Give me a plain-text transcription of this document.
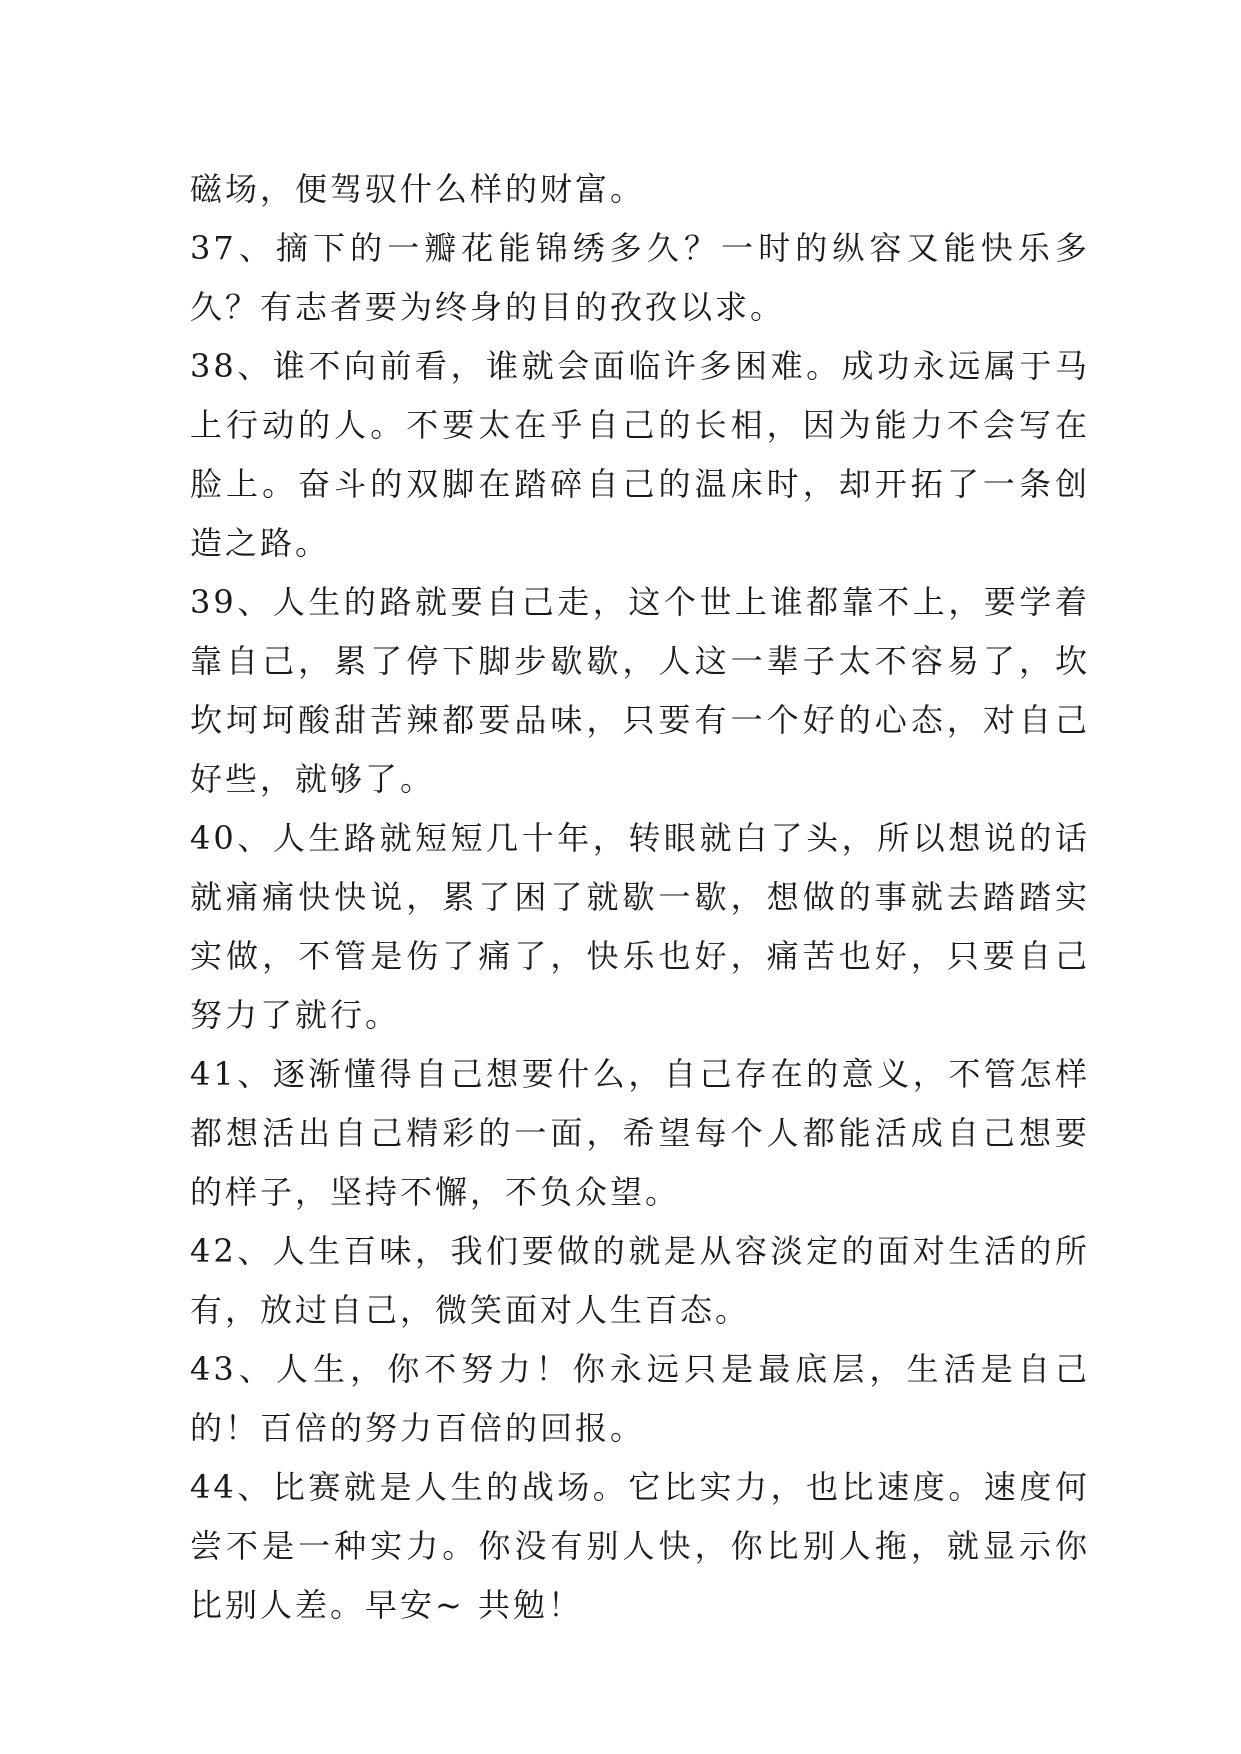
磁场，便驾驭什么样的财富。

37、摘下的一瓣花能锦绣多久？一时的纵容又能快乐多久？有志者要为终身的目的孜孜以求。

38、谁不向前看，谁就会面临许多困难。成功永远属于马上行动的人。不要太在乎自己的长相，因为能力不会写在脸上。奋斗的双脚在踏碎自己的温床时，却开拓了一条创造之路。

39、人生的路就要自己走，这个世上谁都靠不上，要学着靠自己，累了停下脚步歇歇，人这一辈子太不容易了，坎坎坷坷酸甜苦辣都要品味，只要有一个好的心态，对自己好些，就够了。

40、人生路就短短几十年，转眼就白了头，所以想说的话就痛痛快快说，累了困了就歇一歇，想做的事就去踏踏实实做，不管是伤了痛了，快乐也好，痛苦也好，只要自己努力了就行。

41、逐渐懂得自己想要什么，自己存在的意义，不管怎样都想活出自己精彩的一面，希望每个人都能活成自己想要的样子，坚持不懈，不负众望。

42、人生百味，我们要做的就是从容淡定的面对生活的所有，放过自己，微笑面对人生百态。

43、人生，你不努力！你永远只是最底层，生活是自己的！百倍的努力百倍的回报。

44、比赛就是人生的战场。它比实力，也比速度。速度何尝不是一种实力。你没有别人快，你比别人拖，就显示你比别人差。早安~ 共勉！
